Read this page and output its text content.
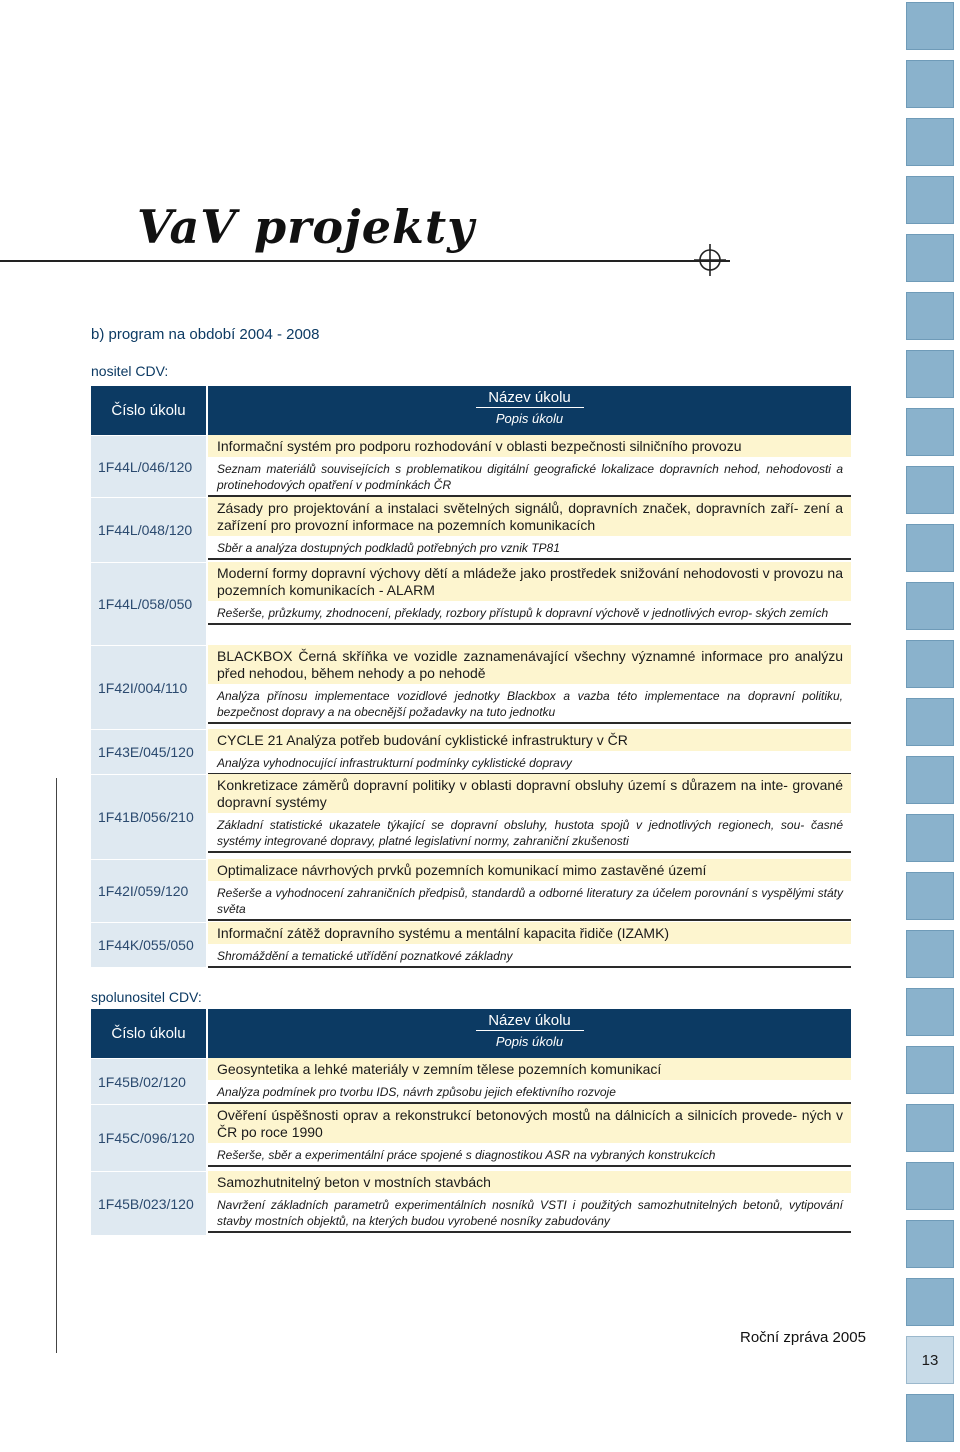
13
VaV projekty
b) program na období 2004 - 2008
nositel CDV:
spolunositel CDV:
Číslo úkolu
1F44L/046/120
1F44L/048/120
1F44L/058/050
1F42I/004/110
1F43E/045/120
1F41B/056/210
1F42I/059/120
1F44K/055/050
Název úkolu
Popis úkolu
Informační systém pro podporu rozhodování v oblasti bezpečnosti silničního provozu
Seznam materiálů souvisejících s problematikou digitální geografické lokalizace dopravních nehod, nehodovosti a protinehodových opatření v podmínkách ČR
Zásady pro projektování a instalaci světelných signálů, dopravních značek, dopravních zaří- zení a zařízení pro provozní informace na pozemních komunikacích
Sběr a analýza dostupných podkladů potřebných pro vznik TP81
Moderní formy dopravní výchovy dětí a mládeže jako prostředek snižování nehodovosti v provozu na pozemních komunikacích - ALARM
Rešerše, průzkumy, zhodnocení, překlady, rozbory přístupů k dopravní výchově v jednotlivých evrop- ských zemích
BLACKBOX Černá skříňka ve vozidle zaznamenávající všechny významné informace pro analýzu před nehodou, během nehody a po nehodě
Analýza přínosu implementace vozidlové jednotky Blackbox a vazba této implementace na dopravní politiku, bezpečnost dopravy a na obecnější požadavky na tuto jednotku
CYCLE 21 Analýza potřeb budování cyklistické infrastruktury v ČR
Analýza vyhodnocující infrastrukturní podmínky cyklistické dopravy
Konkretizace záměrů dopravní politiky v oblasti dopravní obsluhy území s důrazem na inte- grované dopravní systémy
Základní statistické ukazatele týkající se dopravní obsluhy, hustota spojů v jednotlivých regionech, sou- časné systémy integrované dopravy, platné legislativní normy, zahraniční zkušenosti
Optimalizace návrhových prvků pozemních komunikací mimo zastavěné území
Rešerše a vyhodnocení zahraničních předpisů, standardů a odborné literatury za účelem porovnání s vyspělými státy světa
Informační zátěž dopravního systému a mentální kapacita řidiče (IZAMK)
Shromáždění a tematické utřídění poznatkové základny
Číslo úkolu
1F45B/02/120
1F45C/096/120
1F45B/023/120
Název úkolu
Popis úkolu
Geosyntetika a lehké materiály v zemním tělese pozemních komunikací
Analýza podmínek pro tvorbu IDS, návrh způsobu jejich efektivního rozvoje
Ověření úspěšnosti oprav a rekonstrukcí betonových mostů na dálnicích a silnicích provede- ných v ČR po roce 1990
Rešerše, sběr a experimentální práce spojené s diagnostikou ASR na vybraných konstrukcích
Samozhutnitelný beton v mostních stavbách
Navržení základních parametrů experimentálních nosníků VSTI i použitých samozhutnitelných betonů, vytipování stavby mostních objektů, na kterých budou vyrobené nosníky zabudovány
Roční zpráva 2005
